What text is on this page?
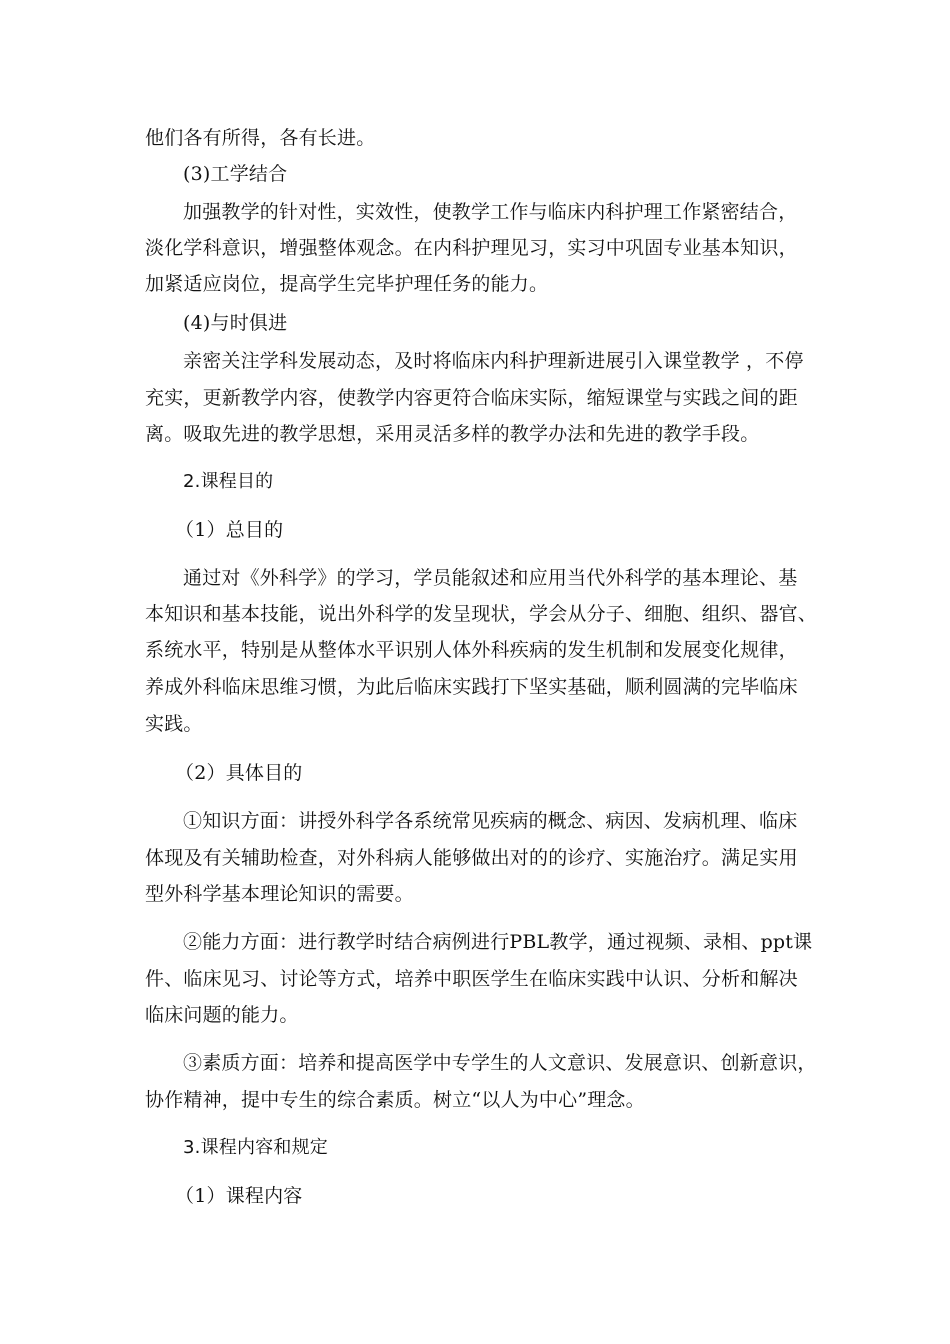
他们各有所得，各有长进。
(3)工学结合
加强教学的针对性，实效性，使教学工作与临床内科护理工作紧密结合，
淡化学科意识，增强整体观念。在内科护理见习，实习中巩固专业基本知识，
加紧适应岗位，提高学生完毕护理任务的能力。
(4)与时俱进
亲密关注学科发展动态，及时将临床内科护理新进展引入课堂教学 ，不停
充实，更新教学内容，使教学内容更符合临床实际，缩短课堂与实践之间的距
离。吸取先进的教学思想，采用灵活多样的教学办法和先进的教学手段。
2.课程目的
（1）总目的
通过对《外科学》的学习，学员能叙述和应用当代外科学的基本理论、基
本知识和基本技能，说出外科学的发呈现状，学会从分子、细胞、组织、器官、
系统水平，特别是从整体水平识别人体外科疾病的发生机制和发展变化规律，
养成外科临床思维习惯，为此后临床实践打下坚实基础，顺利圆满的完毕临床
实践。
（2）具体目的
①知识方面：讲授外科学各系统常见疾病的概念、病因、发病机理、临床
体现及有关辅助检查，对外科病人能够做出对的的诊疗、实施治疗。满足实用
型外科学基本理论知识的需要。
②能力方面：进行教学时结合病例进行PBL教学，通过视频、录相、ppt课
件、临床见习、讨论等方式，培养中职医学生在临床实践中认识、分析和解决
临床问题的能力。
③素质方面：培养和提高医学中专学生的人文意识、发展意识、创新意识，
协作精神，提中专生的综合素质。树立“以人为中心”理念。
3.课程内容和规定
（1）课程内容
